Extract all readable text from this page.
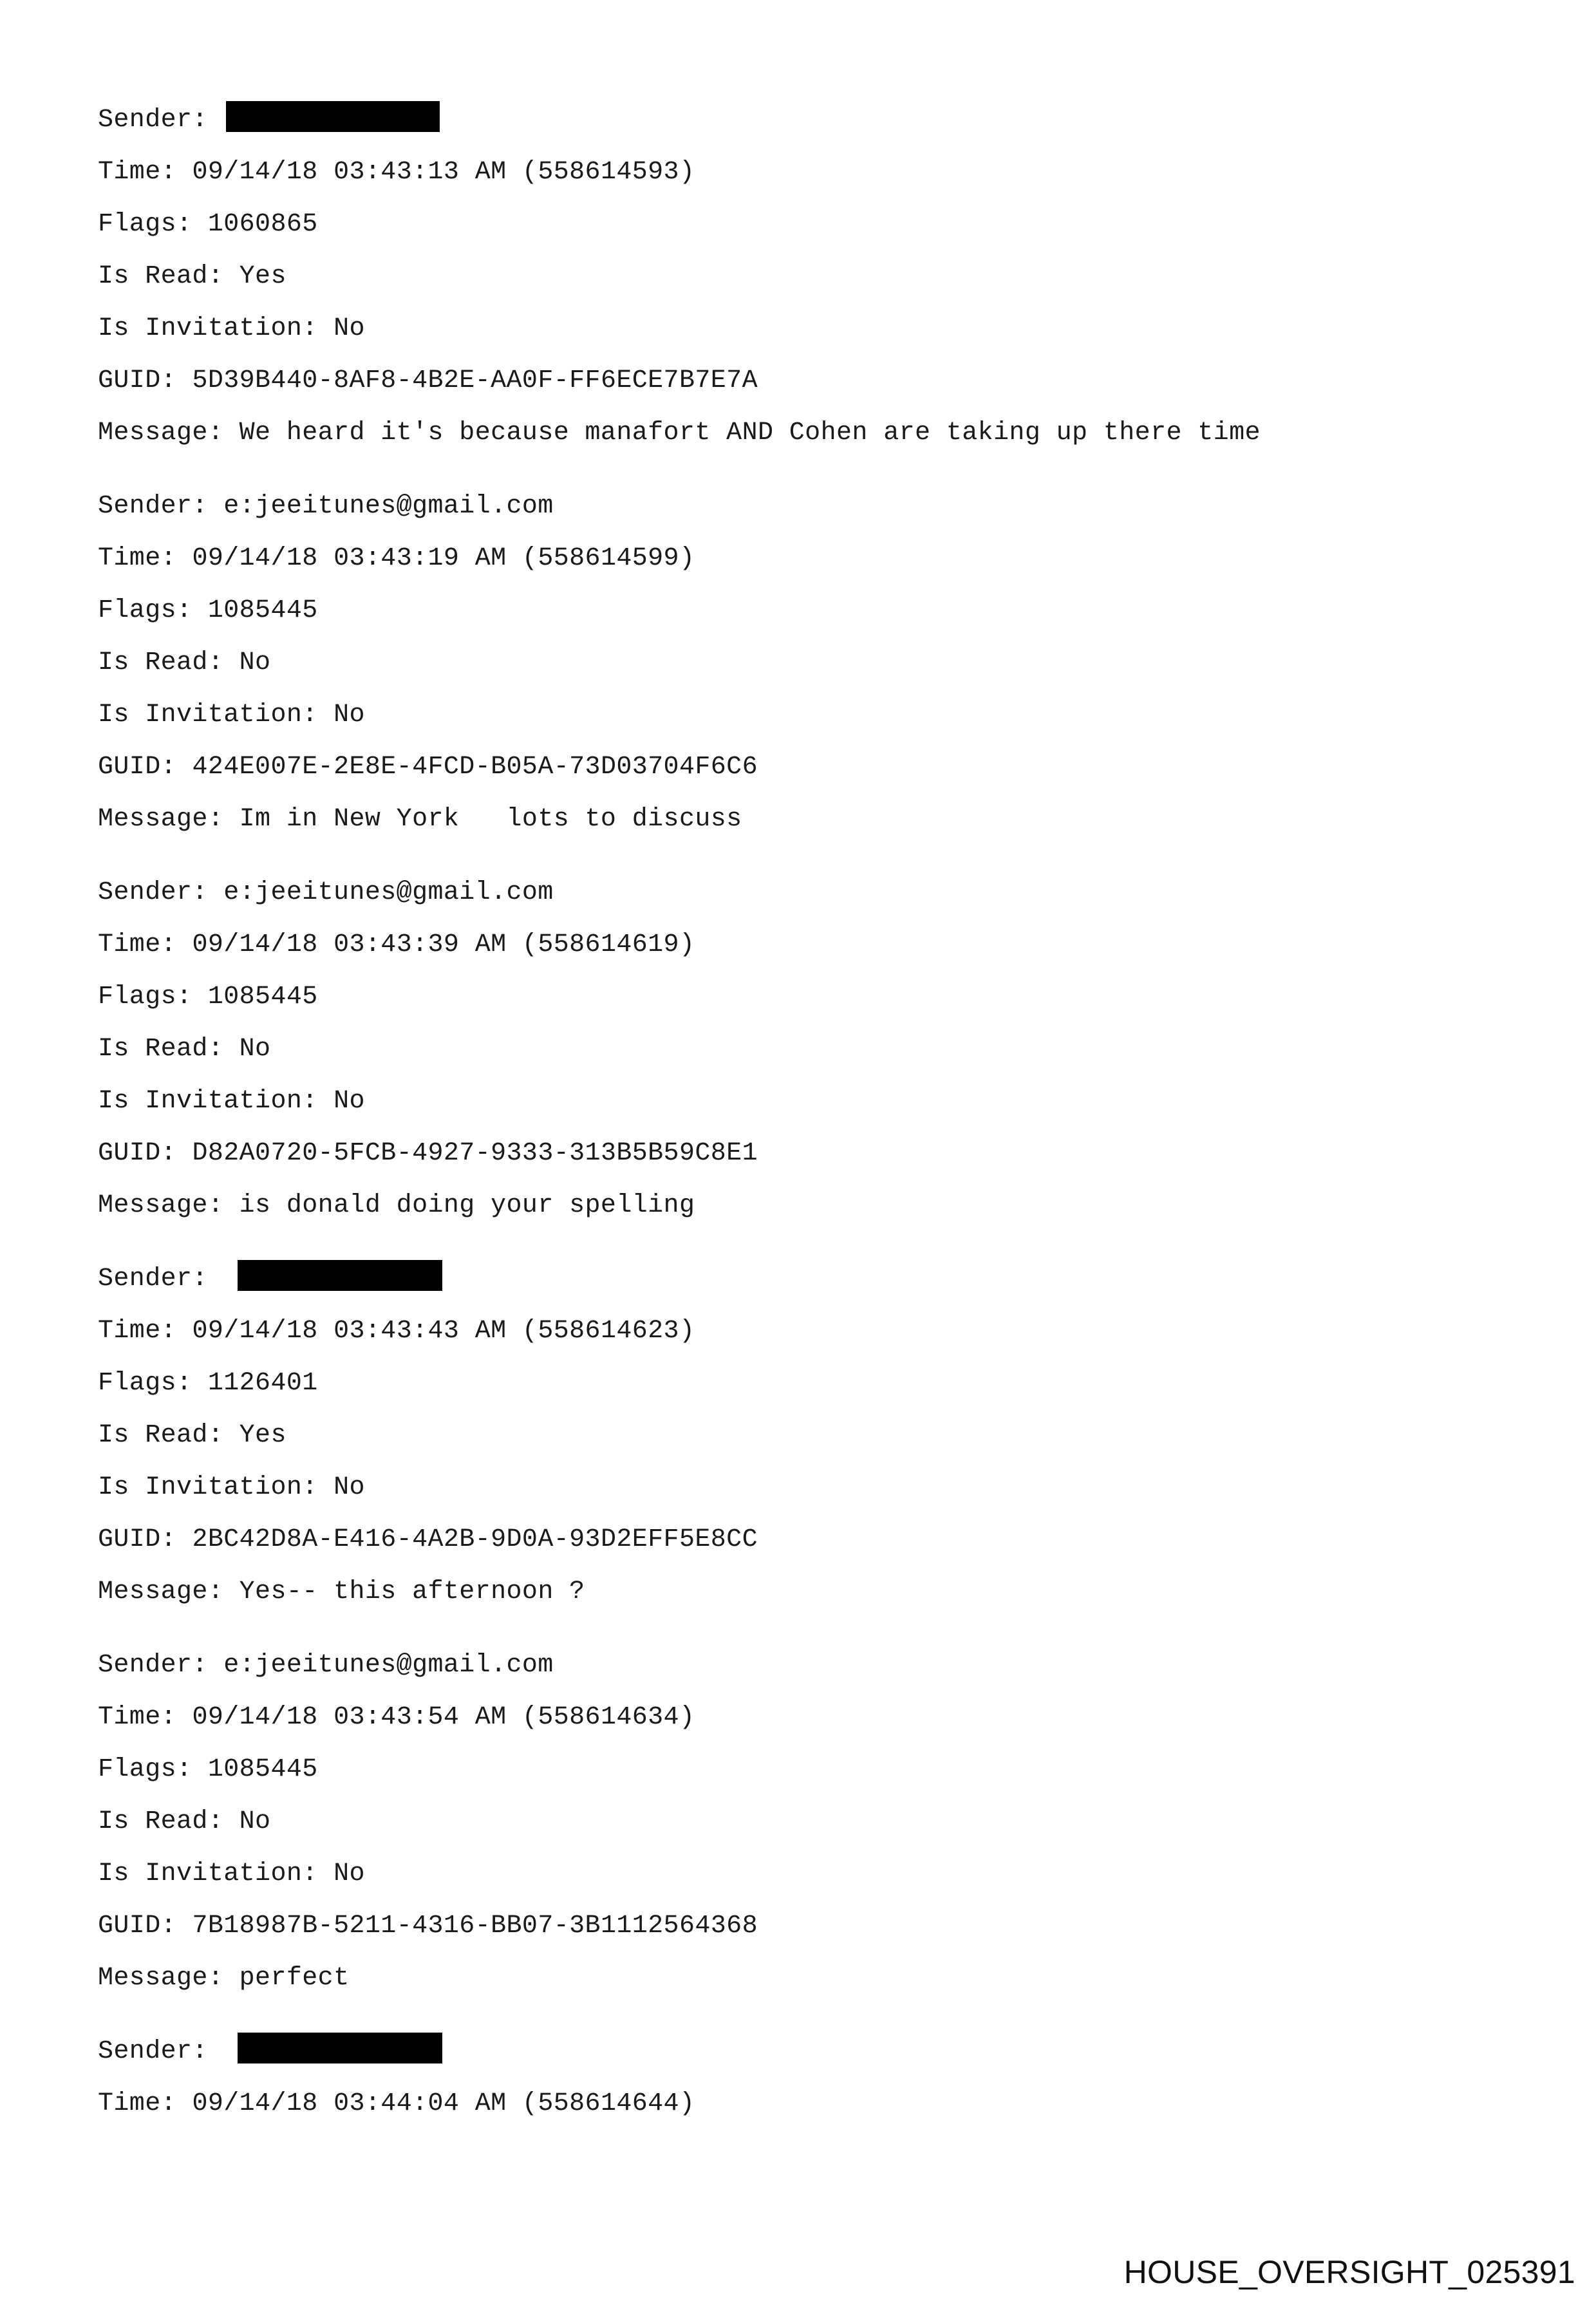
Sender:
Time: 09/14/18 03:43:13 AM (558614593)
Flags: 1060865
Is Read: Yes
Is Invitation: No
GUID: 5D39B440-8AF8-4B2E-AA0F-FF6ECE7B7E7A
Message: We heard it's because manafort AND Cohen are taking up there time
Sender: e:jeeitunes@gmail.com
Time: 09/14/18 03:43:19 AM (558614599)
Flags: 1085445
Is Read: No
Is Invitation: No
GUID: 424E007E-2E8E-4FCD-B05A-73D03704F6C6
Message: Im in New York   lots to discuss
Sender: e:jeeitunes@gmail.com
Time: 09/14/18 03:43:39 AM (558614619)
Flags: 1085445
Is Read: No
Is Invitation: No
GUID: D82A0720-5FCB-4927-9333-313B5B59C8E1
Message: is donald doing your spelling
Sender:
Time: 09/14/18 03:43:43 AM (558614623)
Flags: 1126401
Is Read: Yes
Is Invitation: No
GUID: 2BC42D8A-E416-4A2B-9D0A-93D2EFF5E8CC
Message: Yes-- this afternoon ?
Sender: e:jeeitunes@gmail.com
Time: 09/14/18 03:43:54 AM (558614634)
Flags: 1085445
Is Read: No
Is Invitation: No
GUID: 7B18987B-5211-4316-BB07-3B1112564368
Message: perfect
Sender:
Time: 09/14/18 03:44:04 AM (558614644)
HOUSE_OVERSIGHT_025391
